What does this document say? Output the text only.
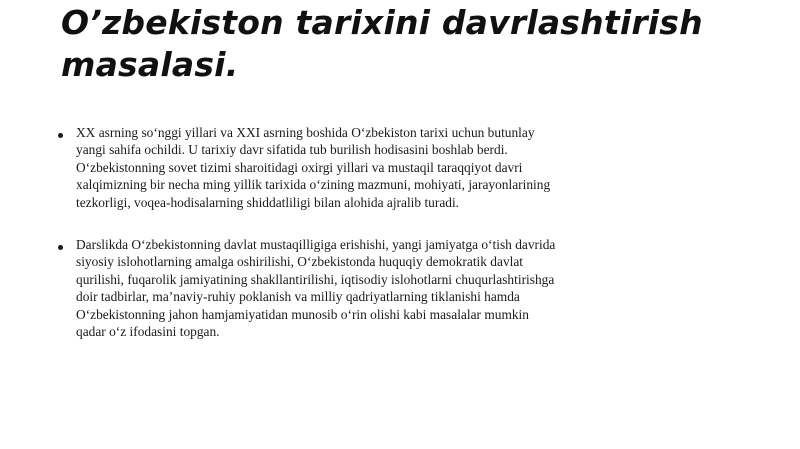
O’zbekiston tarixini davrlashtirish masalasi.
XX asrning so‘nggi yillari va XXI asrning boshida O‘zbekiston tarixi uchun butunlay yangi sahifa ochildi. U tarixiy davr sifatida tub burilish hodisasini boshlab berdi. O‘zbekistonning sovet tizimi sharoitidagi oxirgi yillari va mustaqil taraqqiyot davri xalqimizning bir necha ming yillik tarixida o‘zining mazmuni, mohiyati, jarayonlarining tezkorligi, voqea-hodisalarning shiddatliligi bilan alohida ajralib turadi.
Darslikda O‘zbekistonning davlat mustaqilligiga erishishi, yangi jamiyatga o‘tish davrida siyosiy islohotlarning amalga oshirilishi, O‘zbekistonda huquqiy demokratik davlat qurilishi, fuqarolik jamiyatining shakllantirilishi, iqtisodiy islohotlarni chuqurlashtirishga doir tadbirlar, ma’naviy-ruhiy poklanish va milliy qadriyatlarning tiklanishi hamda O‘zbekistonning jahon hamjamiyatidan munosib o‘rin olishi kabi masalalar mumkin qadar o‘z ifodasini topgan.
